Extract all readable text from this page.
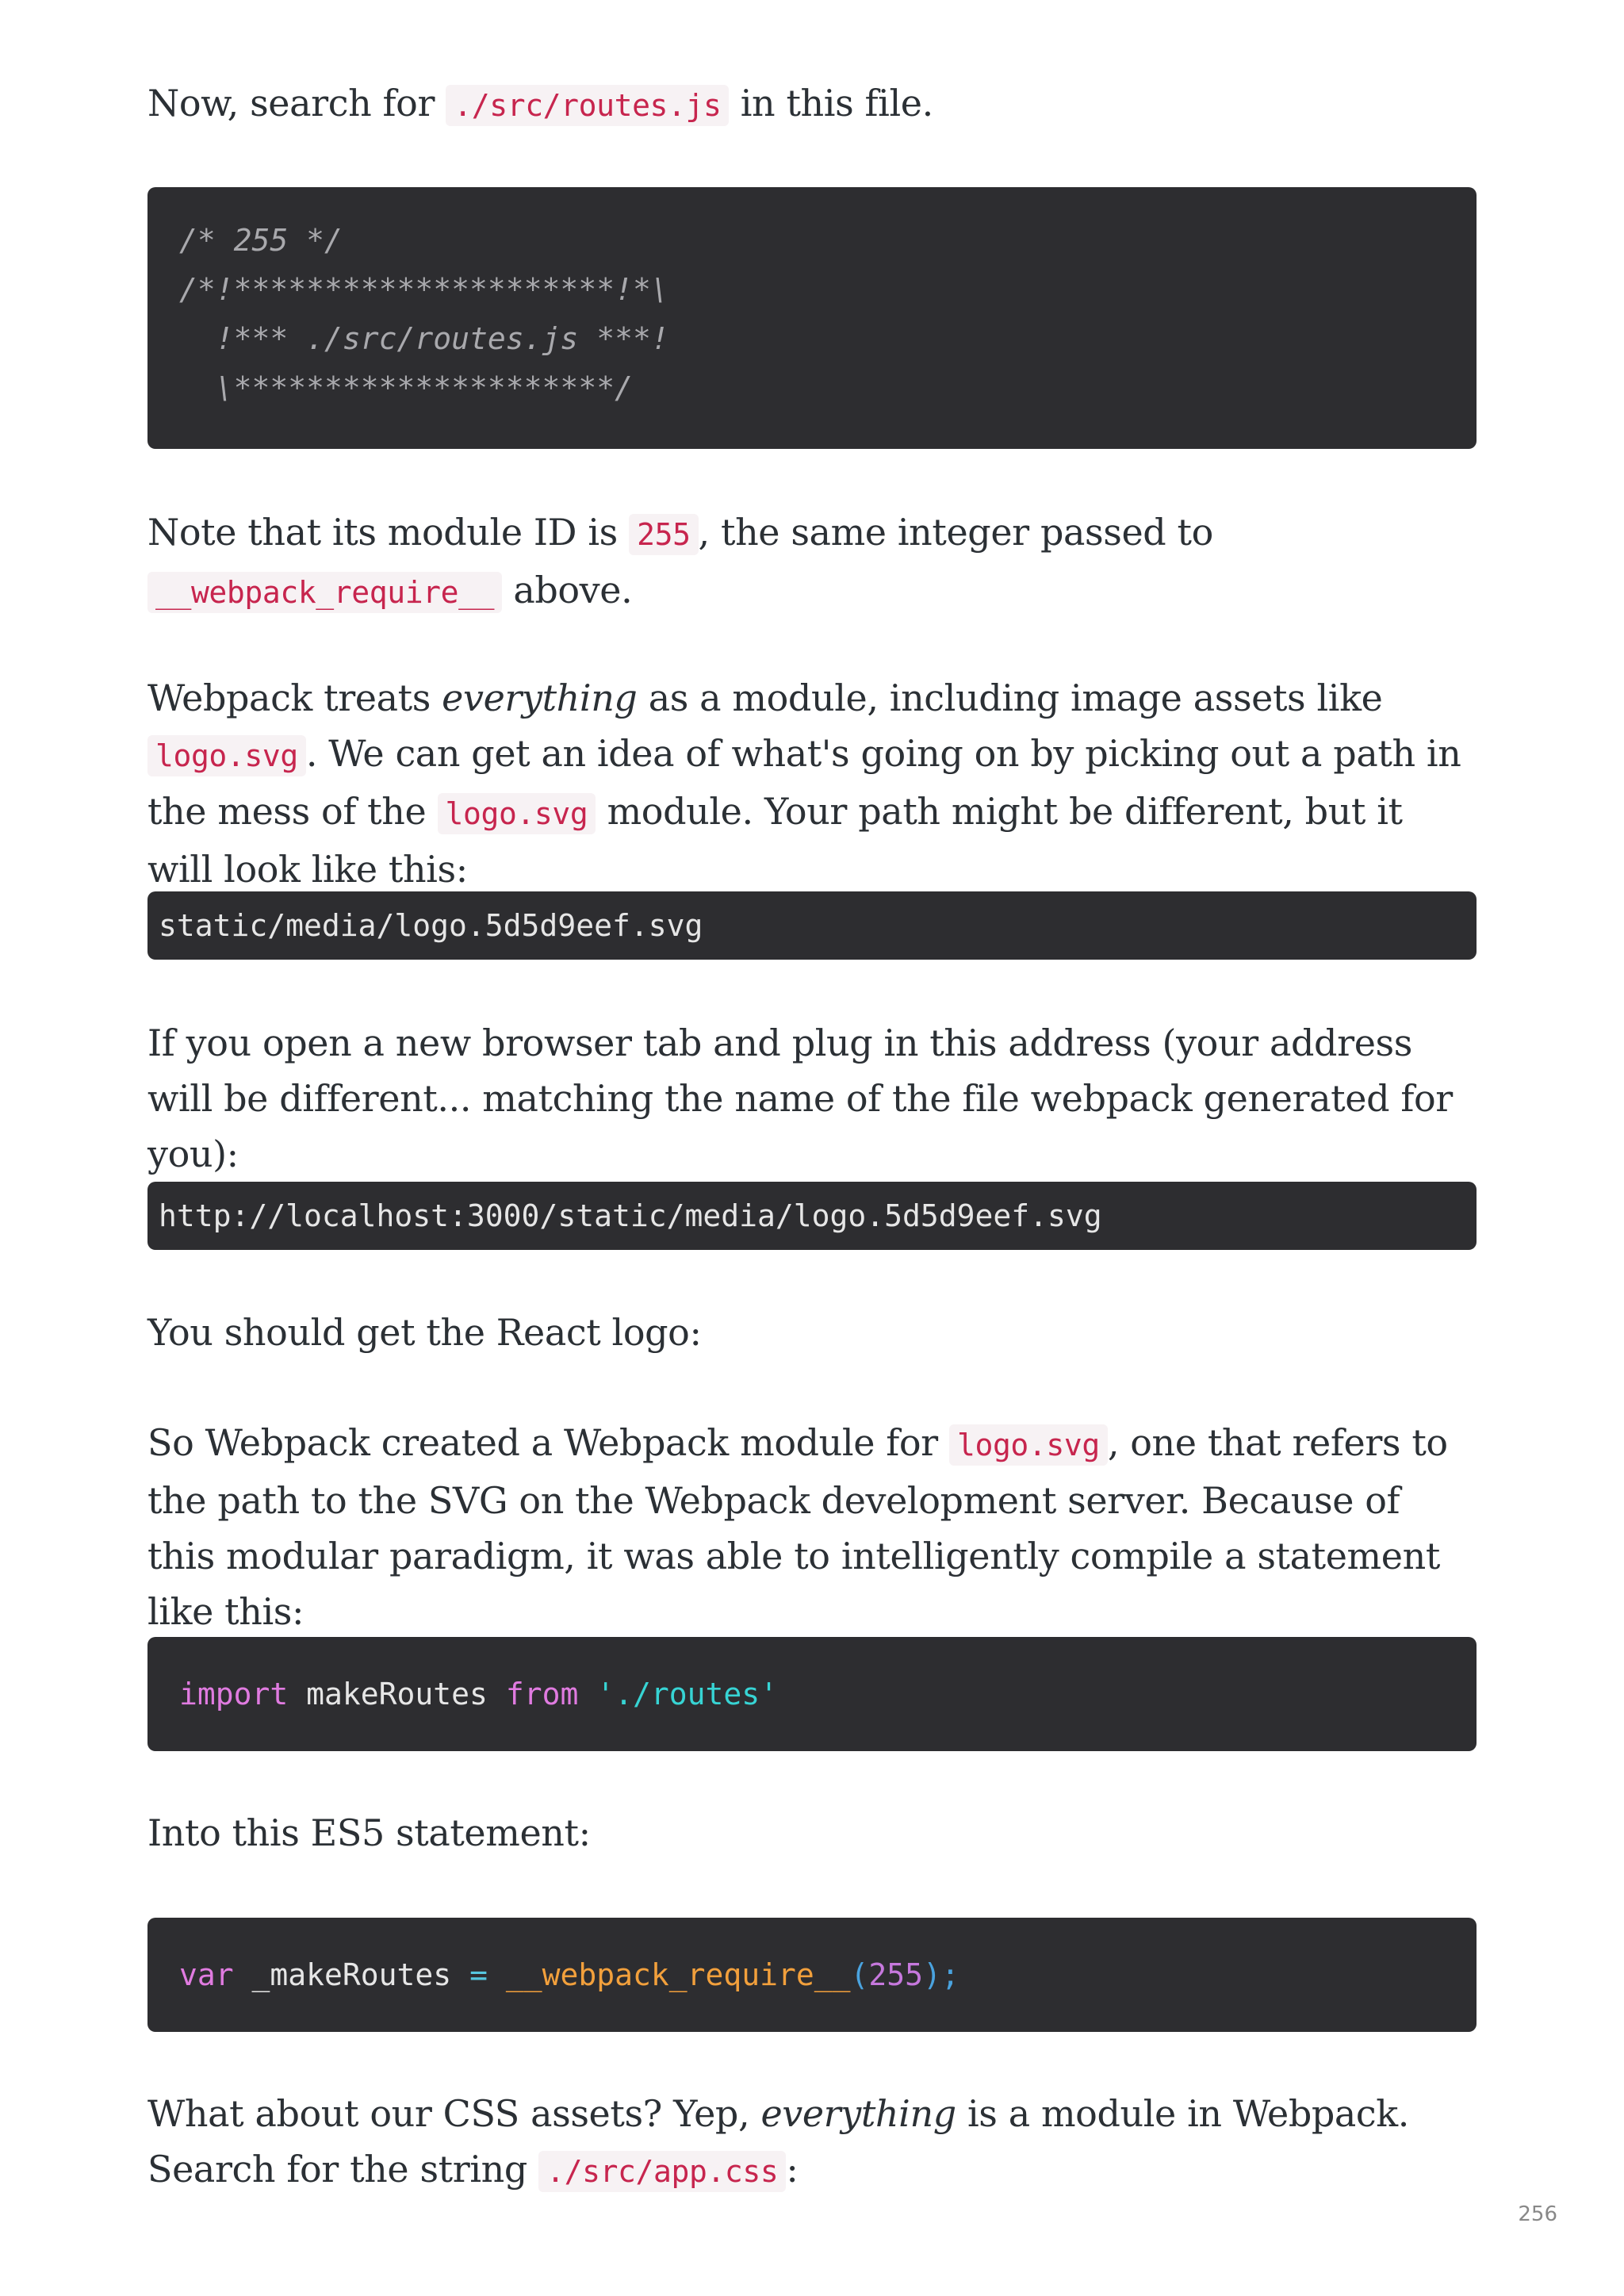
Now, search for ./src/routes.js in this file.

/* 255 */
/*!*********************!*\
!*** ./src/routes.js ***!
\*********************/

Note that its module ID is 255 , the same integer passed to
__webpack_require__ above.

Webpack treats everything as a module, including image assets like logo.svg . We can get an idea of what's going on by picking out a path in the mess of the logo.svg module. Your path might be different, but it will look like this:

static/media/logo.5d5d9eef.svg

If you open a new browser tab and plug in this address (your address will be different... matching the name of the file webpack generated for you):

http://localhost:3000/static/media/logo.5d5d9eef.svg

You should get the React logo:

So Webpack created a Webpack module for logo.svg , one that refers to the path to the SVG on the Webpack development server. Because of this modular paradigm, it was able to intelligently compile a statement like this:

import makeRoutes from './routes'

Into this ES5 statement:

var _makeRoutes = __webpack_require__(255);

What about our CSS assets? Yep, everything is a module in Webpack. Search for the string ./src/app.css :

256
